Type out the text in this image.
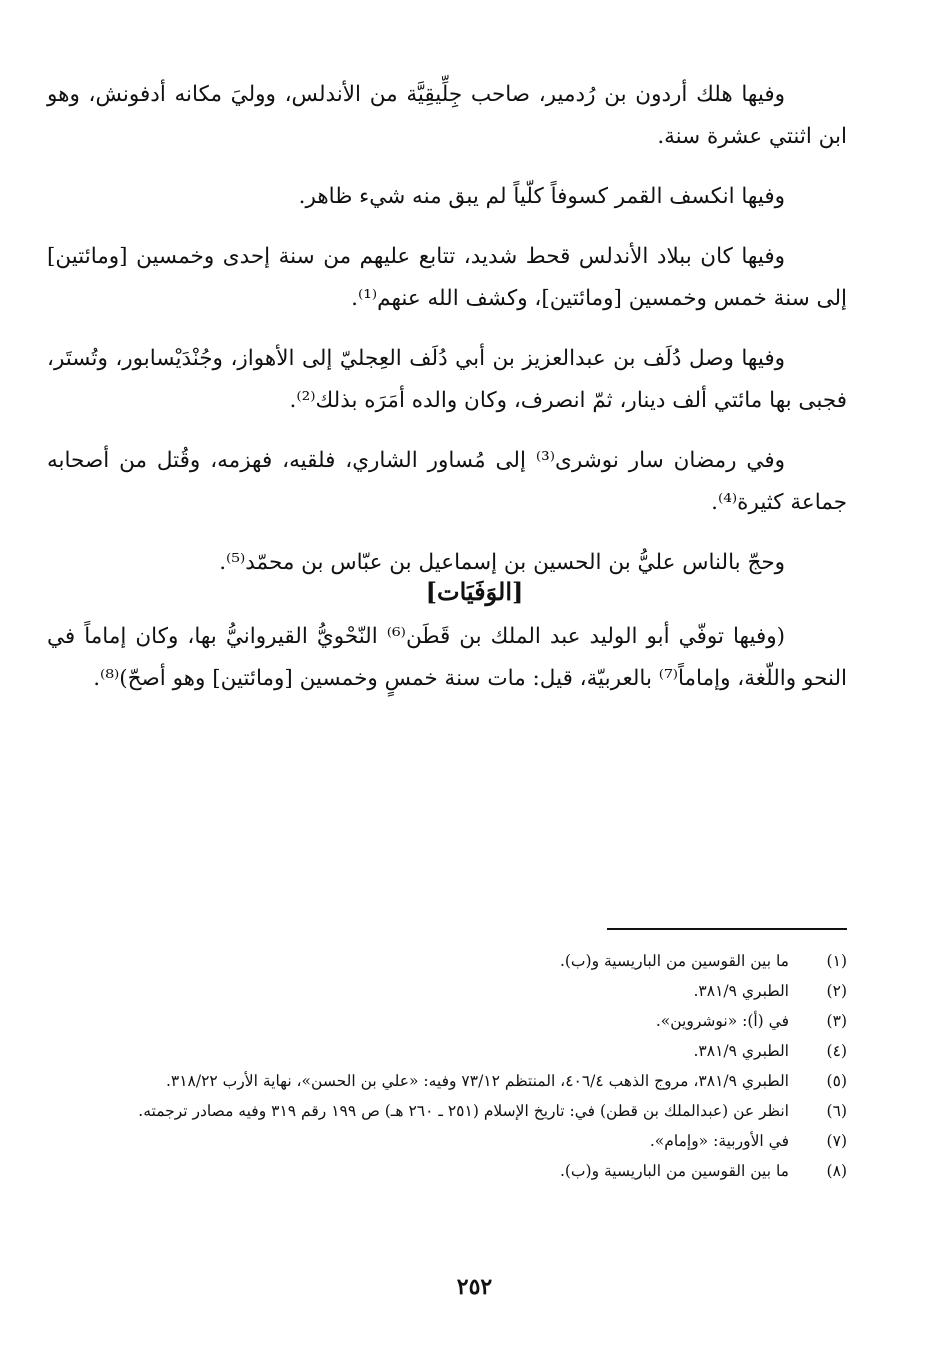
وفيها هلك أردون بن رُدمير، صاحب جِلِّيقِيَّة من الأندلس، ووليَ مكانه أدفونش، وهو ابن اثنتي عشرة سنة.

وفيها انكسف القمر كسوفاً كلّياً لم يبق منه شيء ظاهر.

وفيها كان ببلاد الأندلس قحط شديد، تتابع عليهم من سنة إحدى وخمسين [ومائتين] إلى سنة خمس وخمسين [ومائتين]، وكشف الله عنهم⁽¹⁾.

وفيها وصل دُلَف بن عبدالعزيز بن أبي دُلَف العِجليّ إلى الأهواز، وجُنْدَيْسابور، وتُستَر، فجبى بها مائتي ألف دينار، ثمّ انصرف، وكان والده أمَرَه بذلك⁽²⁾.

وفي رمضان سار نوشرى⁽³⁾ إلى مُساور الشاري، فلقيه، فهزمه، وقُتل من أصحابه جماعة كثيرة⁽⁴⁾.

وحجّ بالناس عليُّ بن الحسين بن إسماعيل بن عبّاس بن محمّد⁽⁵⁾.

[الوَفَيَات]

(وفيها توفّي أبو الوليد عبد الملك بن قَطَن⁽⁶⁾ النّحْويُّ القيروانيُّ بها، وكان إماماً في النحو واللّغة، وإماماً⁽⁷⁾ بالعربيّة، قيل: مات سنة خمسٍ وخمسين [ومائتين] وهو أصحّ)⁽⁸⁾.

(١)
ما بين القوسين من الباريسية و(ب).
(٢)
الطبري ٣٨١/٩.
(٣)
في (أ): «نوشروين».
(٤)
الطبري ٣٨١/٩.
(٥)
الطبري ٣٨١/٩، مروج الذهب ٤٠٦/٤، المنتظم ٧٣/١٢ وفيه: «علي بن الحسن»، نهاية الأرب ٣١٨/٢٢.
(٦)
انظر عن (عبدالملك بن قطن) في: تاريخ الإسلام (٢٥١ ـ ٢٦٠ هـ) ص ١٩٩ رقم ٣١٩ وفيه مصادر ترجمته.
(٧)
في الأوربية: «وإمام».
(٨)
ما بين القوسين من الباريسية و(ب).
٢٥٢
